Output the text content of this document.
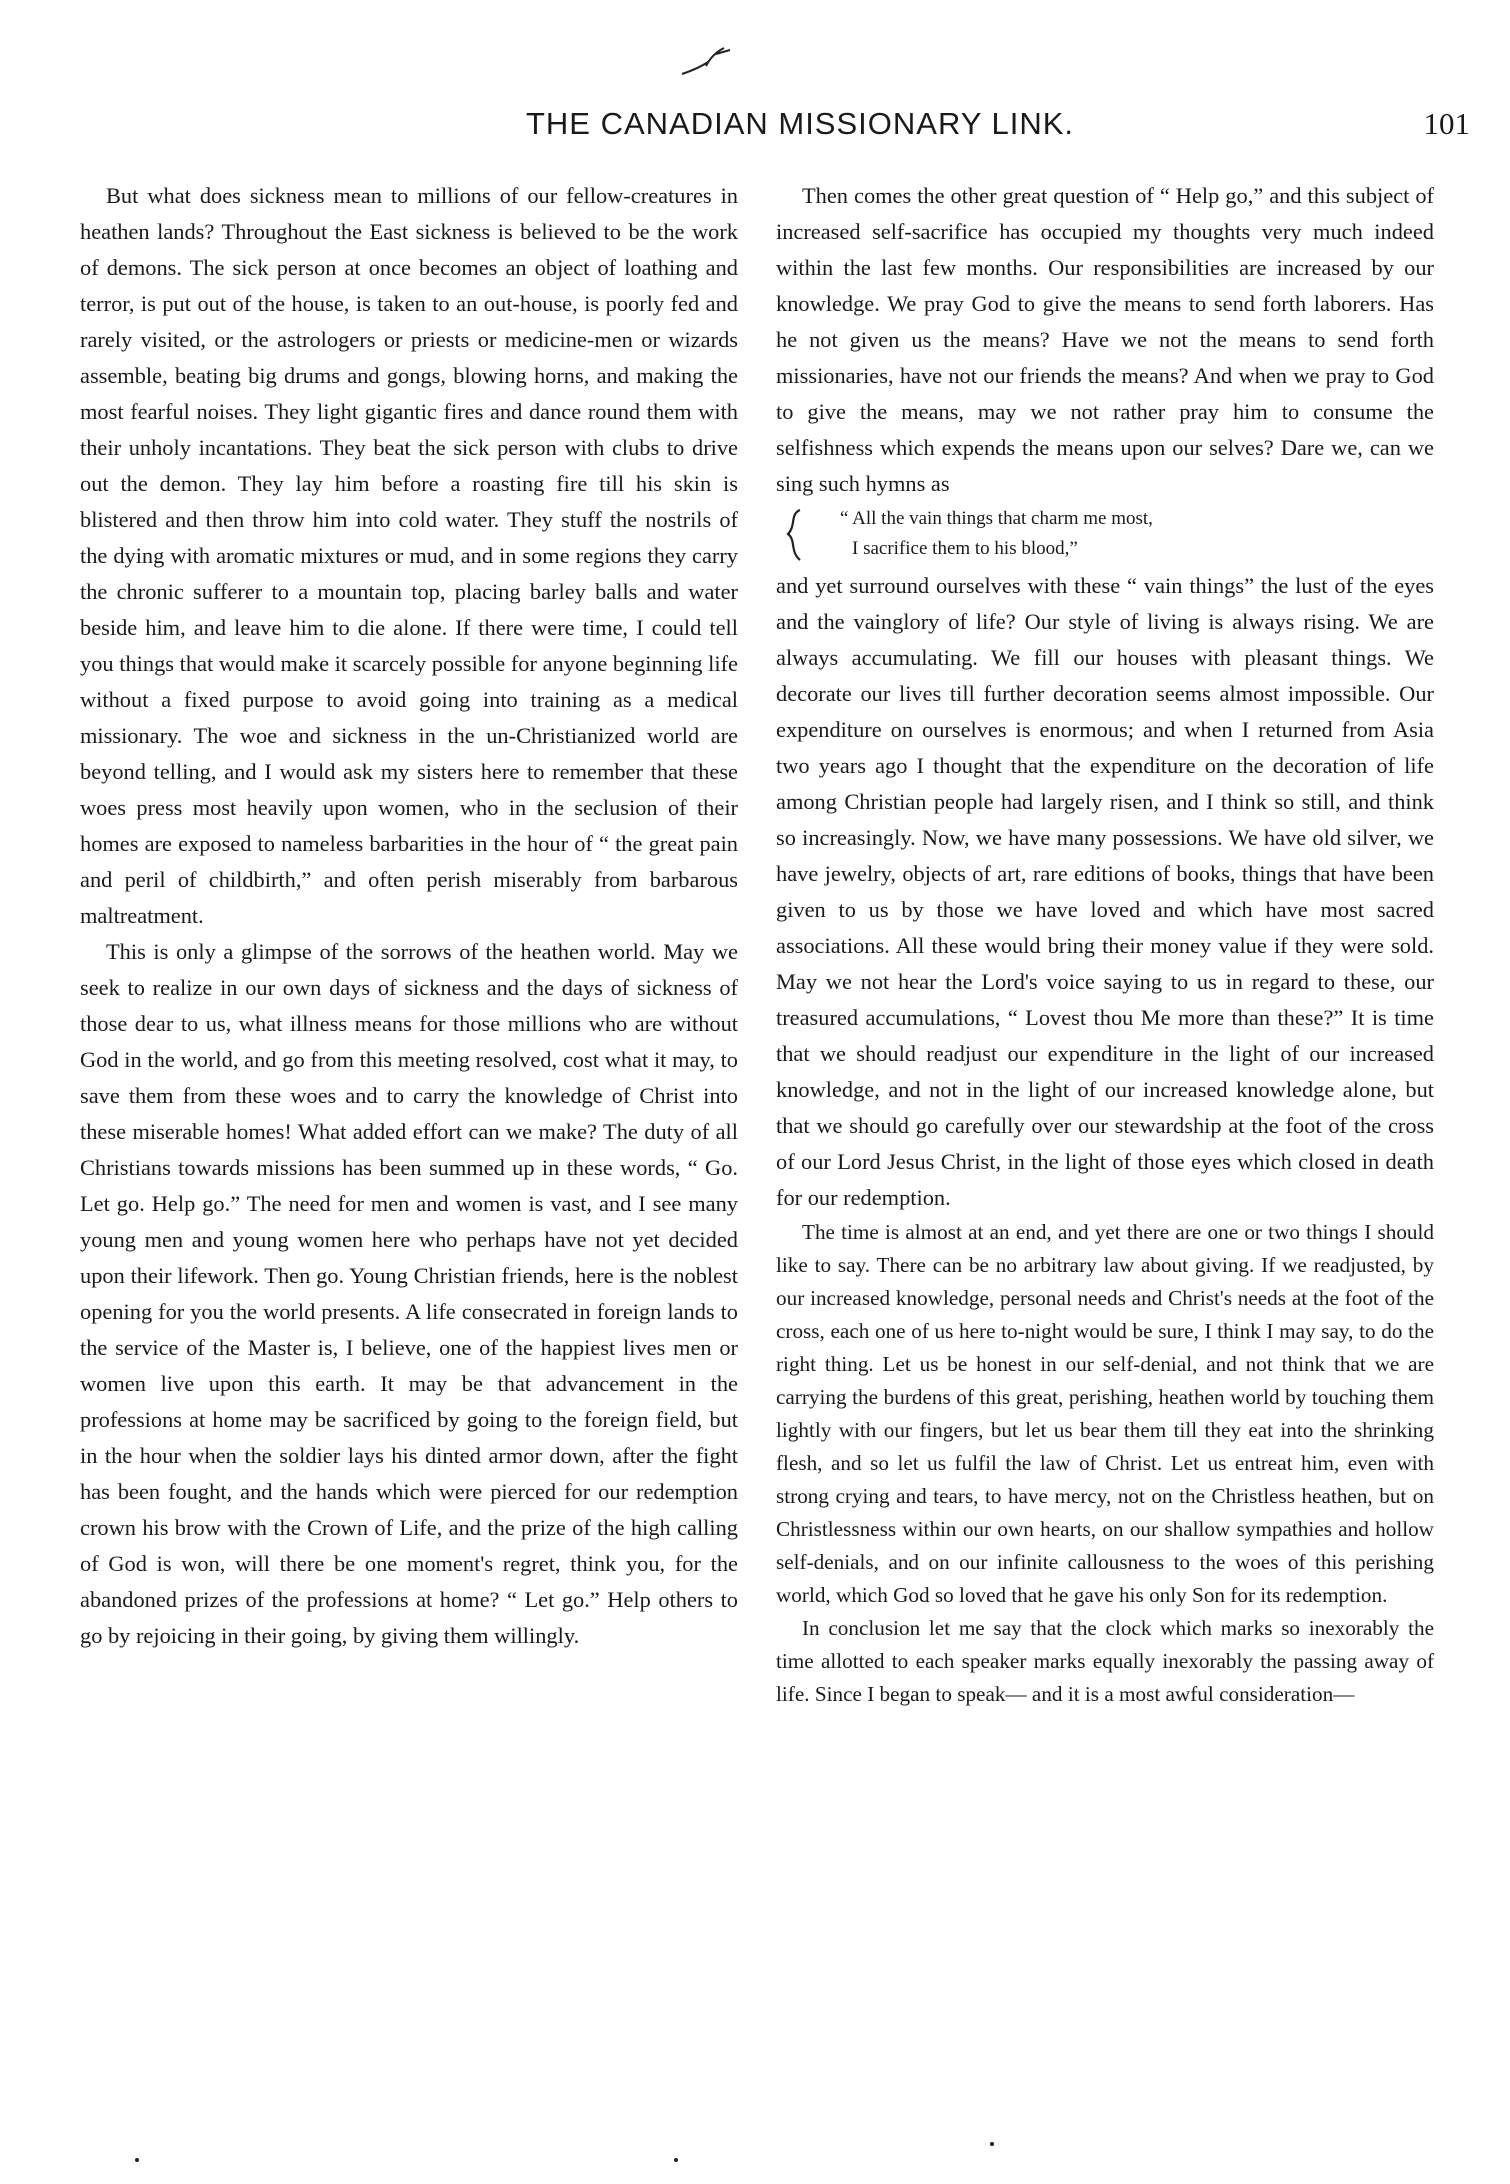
THE CANADIAN MISSIONARY LINK.	101

But what does sickness mean to millions of our fellow-creatures in heathen lands? Throughout the East sickness is believed to be the work of demons. The sick person at once becomes an object of loathing and terror, is put out of the house, is taken to an out-house, is poorly fed and rarely visited, or the astrologers or priests or medicine-men or wizards assemble, beating big drums and gongs, blowing horns, and making the most fearful noises. They light gigantic fires and dance round them with their unholy incantations. They beat the sick person with clubs to drive out the demon. They lay him before a roasting fire till his skin is blistered and then throw him into cold water. They stuff the nostrils of the dying with aromatic mixtures or mud, and in some regions they carry the chronic sufferer to a mountain top, placing barley balls and water beside him, and leave him to die alone. If there were time, I could tell you things that would make it scarcely possible for anyone beginning life without a fixed purpose to avoid going into training as a medical missionary. The woe and sickness in the un-Christianized world are beyond telling, and I would ask my sisters here to remember that these woes press most heavily upon women, who in the seclusion of their homes are exposed to nameless barbarities in the hour of “ the great pain and peril of childbirth,” and often perish miserably from barbarous maltreatment.

This is only a glimpse of the sorrows of the heathen world. May we seek to realize in our own days of sickness and the days of sickness of those dear to us, what illness means for those millions who are without God in the world, and go from this meeting resolved, cost what it may, to save them from these woes and to carry the knowledge of Christ into these miserable homes! What added effort can we make? The duty of all Christians towards missions has been summed up in these words, “ Go. Let go. Help go.” The need for men and women is vast, and I see many young men and young women here who perhaps have not yet decided upon their lifework. Then go. Young Christian friends, here is the noblest opening for you the world presents. A life consecrated in foreign lands to the service of the Master is, I believe, one of the happiest lives men or women live upon this earth. It may be that advancement in the professions at home may be sacrificed by going to the foreign field, but in the hour when the soldier lays his dinted armor down, after the fight has been fought, and the hands which were pierced for our redemption crown his brow with the Crown of Life, and the prize of the high calling of God is won, will there be one moment's regret, think you, for the abandoned prizes of the professions at home? “ Let go.” Help others to go by rejoicing in their going, by giving them willingly.

Then comes the other great question of “ Help go,” and this subject of increased self-sacrifice has occupied my thoughts very much indeed within the last few months. Our responsibilities are increased by our knowledge. We pray God to give the means to send forth laborers. Has he not given us the means? Have we not the means to send forth missionaries, have not our friends the means? And when we pray to God to give the means, may we not rather pray him to consume the selfishness which expends the means upon our selves? Dare we, can we sing such hymns as

“ All the vain things that charm me most,
I sacrifice them to his blood,”

and yet surround ourselves with these “ vain things” the lust of the eyes and the vainglory of life? Our style of living is always rising. We are always accumulating. We fill our houses with pleasant things. We decorate our lives till further decoration seems almost impossible. Our expenditure on ourselves is enormous; and when I returned from Asia two years ago I thought that the expenditure on the decoration of life among Christian people had largely risen, and I think so still, and think so increasingly. Now, we have many possessions. We have old silver, we have jewelry, objects of art, rare editions of books, things that have been given to us by those we have loved and which have most sacred associations. All these would bring their money value if they were sold. May we not hear the Lord's voice saying to us in regard to these, our treasured accumulations, “ Lovest thou Me more than these?” It is time that we should readjust our expenditure in the light of our increased knowledge, and not in the light of our increased knowledge alone, but that we should go carefully over our stewardship at the foot of the cross of our Lord Jesus Christ, in the light of those eyes which closed in death for our redemption.

The time is almost at an end, and yet there are one or two things I should like to say. There can be no arbitrary law about giving. If we readjusted, by our increased knowledge, personal needs and Christ's needs at the foot of the cross, each one of us here to-night would be sure, I think I may say, to do the right thing. Let us be honest in our self-denial, and not think that we are carrying the burdens of this great, perishing, heathen world by touching them lightly with our fingers, but let us bear them till they eat into the shrinking flesh, and so let us fulfil the law of Christ. Let us entreat him, even with strong crying and tears, to have mercy, not on the Christless heathen, but on Christlessness within our own hearts, on our shallow sympathies and hollow self-denials, and on our infinite callousness to the woes of this perishing world, which God so loved that he gave his only Son for its redemption.

In conclusion let me say that the clock which marks so inexorably the time allotted to each speaker marks equally inexorably the passing away of life. Since I began to speak— and it is a most awful consideration—
